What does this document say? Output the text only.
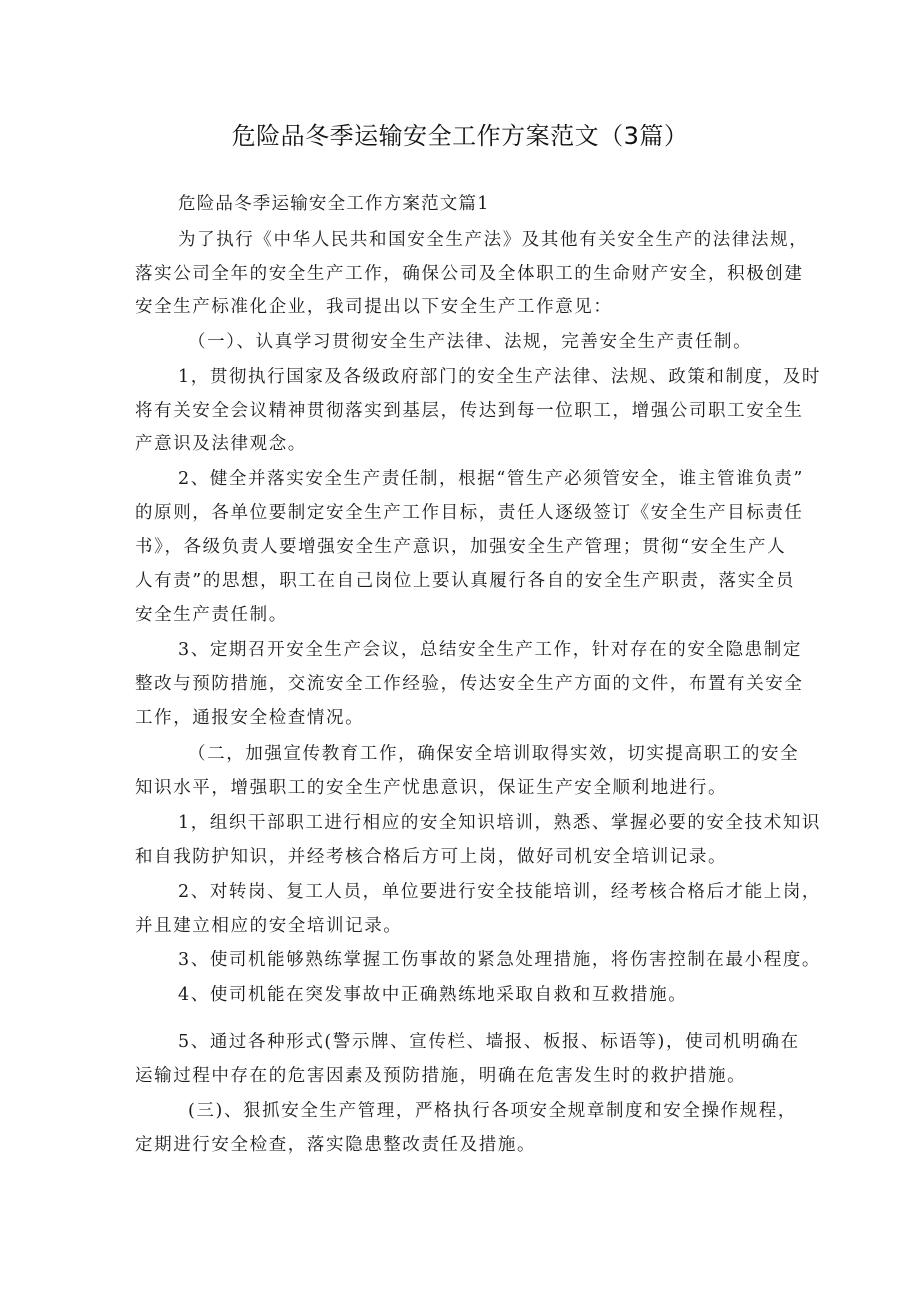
危险品冬季运输安全工作方案范文（3篇）
危险品冬季运输安全工作方案范文篇1
为了执行《中华人民共和国安全生产法》及其他有关安全生产的法律法规，
落实公司全年的安全生产工作，确保公司及全体职工的生命财产安全，积极创建
安全生产标准化企业，我司提出以下安全生产工作意见：
（一）、认真学习贯彻安全生产法律、法规，完善安全生产责任制。
1，贯彻执行国家及各级政府部门的安全生产法律、法规、政策和制度，及时
将有关安全会议精神贯彻落实到基层，传达到每一位职工，增强公司职工安全生
产意识及法律观念。
2、健全并落实安全生产责任制，根据“管生产必须管安全，谁主管谁负责”
的原则，各单位要制定安全生产工作目标，责任人逐级签订《安全生产目标责任
书》，各级负责人要增强安全生产意识，加强安全生产管理；贯彻“安全生产人
人有责”的思想，职工在自己岗位上要认真履行各自的安全生产职责，落实全员
安全生产责任制。
3、定期召开安全生产会议，总结安全生产工作，针对存在的安全隐患制定
整改与预防措施，交流安全工作经验，传达安全生产方面的文件，布置有关安全
工作，通报安全检查情况。
（二，加强宣传教育工作，确保安全培训取得实效，切实提高职工的安全
知识水平，增强职工的安全生产忧患意识，保证生产安全顺利地进行。
1，组织干部职工进行相应的安全知识培训，熟悉、掌握必要的安全技术知识
和自我防护知识，并经考核合格后方可上岗，做好司机安全培训记录。
2、对转岗、复工人员，单位要进行安全技能培训，经考核合格后才能上岗，
并且建立相应的安全培训记录。
3、使司机能够熟练掌握工伤事故的紧急处理措施，将伤害控制在最小程度。
4、使司机能在突发事故中正确熟练地采取自救和互救措施。
5、通过各种形式(警示牌、宣传栏、墙报、板报、标语等)，使司机明确在
运输过程中存在的危害因素及预防措施，明确在危害发生时的救护措施。
(三)、狠抓安全生产管理，严格执行各项安全规章制度和安全操作规程，
定期进行安全检查，落实隐患整改责任及措施。
